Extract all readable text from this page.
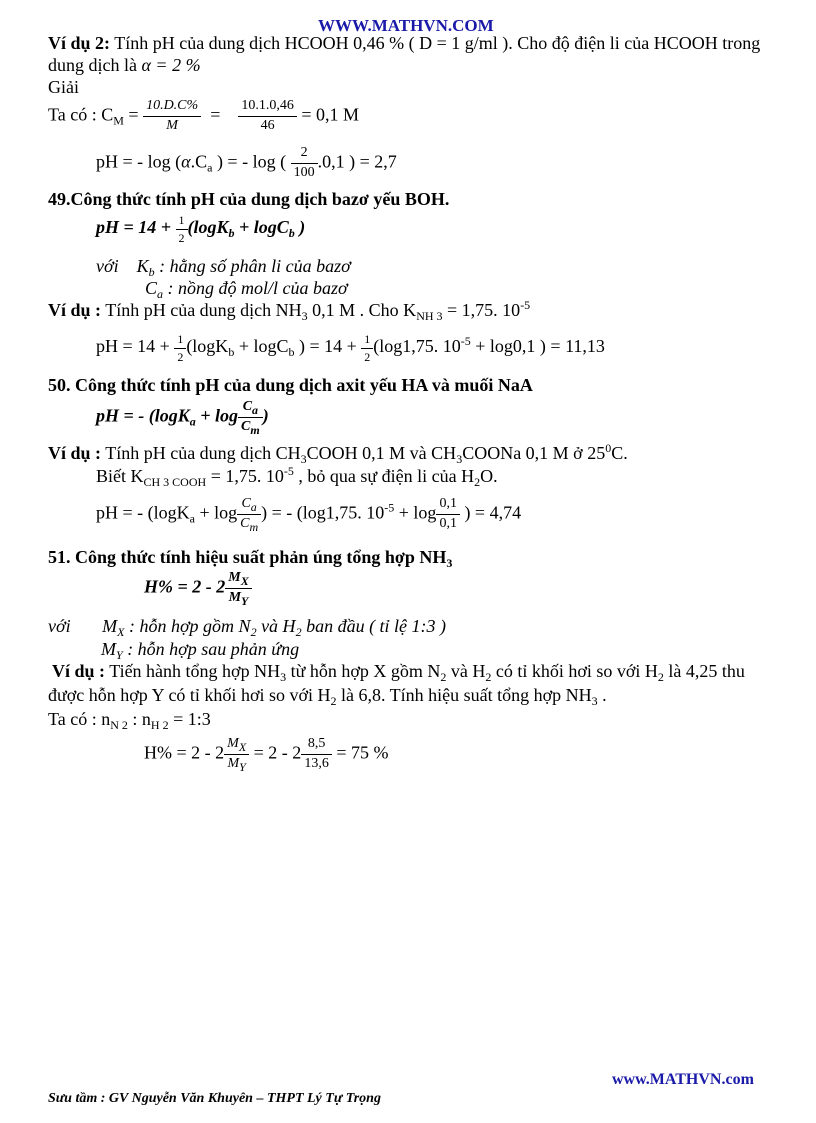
WWW.MATHVN.COM
Ví dụ 2: Tính pH của dung dịch HCOOH 0,46 % ( D = 1 g/ml ). Cho độ điện li của HCOOH trong
dung dịch là α = 2 %
Giải
Ta có : $C_M = \frac{10.D.C\%}{M} = \frac{10.1.0,46}{46} = 0,1$ M
pH = - $\log (\alpha.C_a$ ) = - log ( $\frac{2}{100} .0,1$ ) = 2,7
49.Công thức tính pH của dung dịch bazơ yếu BOH.
pH = $14 + \frac{1}{2} (\log K_b + \log C_b$ )
với $K_b$ : hằng số phân li của bazơ
$C_a$ : nồng độ mol/l của bazơ
Ví dụ : Tính pH của dung dịch $NH_3$ 0,1 M . Cho $K_{NH 3} = 1,75$. $10^{-5}$
pH = $14 + \frac{1}{2} (\log K_b + \log C_b$ ) = $14 + \frac{1}{2} (\log 1,75$. $10^{-5} + \log 0,1$ ) = 11,13
50. Công thức tính pH của dung dịch axit yếu HA và muối NaA
pH = - ($\log K_a + \log \frac{C_a}{C_m}$ )
Ví dụ : Tính pH của dung dịch $CH_3COOH$ 0,1 M và $CH_3COONa$ 0,1 M ở $25^0C$.
Biết $K_{CH 3 COOH} = 1,75$. $10^{-5}$ , bỏ qua sự điện li của $H_2O$.
pH = - ($\log K_a + \log \frac{C_a}{C_m}$ ) = - (log1,75. $10^{-5} + \log \frac{0,1}{0,1}$ ) = 4,74
51. Công thức tính hiệu suất phản úng tổng hợp $NH_3$
$H\% = 2 - 2 \frac{M_X}{M_Y}$
với $M_X$ : hỗn hợp gồm $N_2$ và $H_2$ ban đầu ( tỉ lệ 1:3 )
$M_Y$ : hỗn hợp sau phản ứng
Ví dụ : Tiến hành tổng hợp $NH_3$ từ hỗn hợp X gồm $N_2$ và $H_2$ có tỉ khối hơi so với $H_2$ là 4,25 thu
được hỗn hợp Y có tỉ khối hơi so với $H_2$ là 6,8. Tính hiệu suất tổng hợp $NH_3$ .
Ta có : $n_{N 2}$ : $n_{H 2}$ = 1:3
$H\% = 2 - 2 \frac{M_X}{M_Y} = 2 - 2 \frac{8,5}{13,6} = 75$ %
www.MATHVN.com
Sưu tầm : GV Nguyễn Văn Khuyên – THPT Lý Tự Trọng
